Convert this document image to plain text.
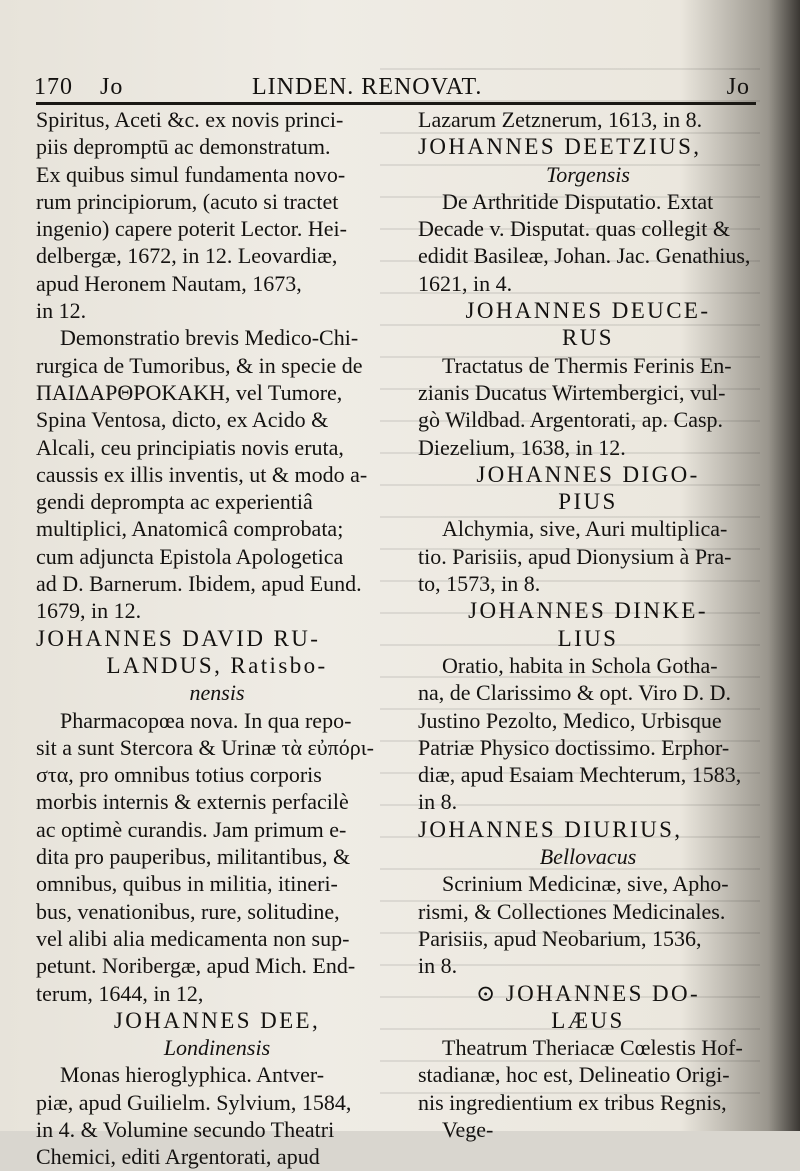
170 Jo	LINDEN. RENOVAT.	Jo
Spiritus, Aceti &c. ex novis princi-
piis depromptū ac demonstratum.
Ex quibus simul fundamenta novo-
rum principiorum, (acuto si tractet
ingenio) capere poterit Lector. Hei-
delbergæ, 1672, in 12. Leovardiæ,
apud Heronem Nautam, 1673,
in 12.
Demonstratio brevis Medico-Chi-
rurgica de Tumoribus, & in specie de
ΠΑΙΔΑΡΘΡΟΚΑΚΗ, vel Tumore,
Spina Ventosa, dicto, ex Acido &
Alcali, ceu principiatis novis eruta,
caussis ex illis inventis, ut & modo a-
gendi deprompta ac experientiâ
multiplici, Anatomicâ comprobata;
cum adjuncta Epistola Apologetica
ad D. Barnerum. Ibidem, apud Eund.
1679, in 12.
JOHANNES DAVID RU-
LANDUS, Ratisbo-
nensis
Pharmacopœa nova. In qua repo-
sit a sunt Stercora & Urinæ τὰ εὐπόρι-
στα, pro omnibus totius corporis
morbis internis & externis perfacilè
ac optimè curandis. Jam primum e-
dita pro pauperibus, militantibus, &
omnibus, quibus in militia, itineri-
bus, venationibus, rure, solitudine,
vel alibi alia medicamenta non sup-
petunt. Noribergæ, apud Mich. End-
terum, 1644, in 12,
JOHANNES DEE,
Londinensis
Monas hieroglyphica. Antver-
piæ, apud Guilielm. Sylvium, 1584,
in 4. & Volumine secundo Theatri
Chemici, editi Argentorati, apud
Lazarum Zetznerum, 1613, in 8.
JOHANNES DEETZIUS,
Torgensis
De Arthritide Disputatio. Extat
Decade v. Disputat. quas collegit &
edidit Basileæ, Johan. Jac. Genathius,
1621, in 4.
JOHANNES DEUCE-
RUS
Tractatus de Thermis Ferinis En-
zianis Ducatus Wirtembergici, vul-
gò Wildbad. Argentorati, ap. Casp.
Diezelium, 1638, in 12.
JOHANNES DIGO-
PIUS
Alchymia, sive, Auri multiplica-
tio. Parisiis, apud Dionysium à Pra-
to, 1573, in 8.
JOHANNES DINKE-
LIUS
Oratio, habita in Schola Gotha-
na, de Clarissimo & opt. Viro D. D.
Justino Pezolto, Medico, Urbisque
Patriæ Physico doctissimo. Erphor-
diæ, apud Esaiam Mechterum, 1583,
in 8.
JOHANNES DIURIUS,
Bellovacus
Scrinium Medicinæ, sive, Apho-
rismi, & Collectiones Medicinales.
Parisiis, apud Neobarium, 1536,
in 8.
⊙ JOHANNES DO-
LÆUS
Theatrum Theriacæ Cœlestis Hof-
stadianæ, hoc est, Delineatio Origi-
nis ingredientium ex tribus Regnis,
Vege-
